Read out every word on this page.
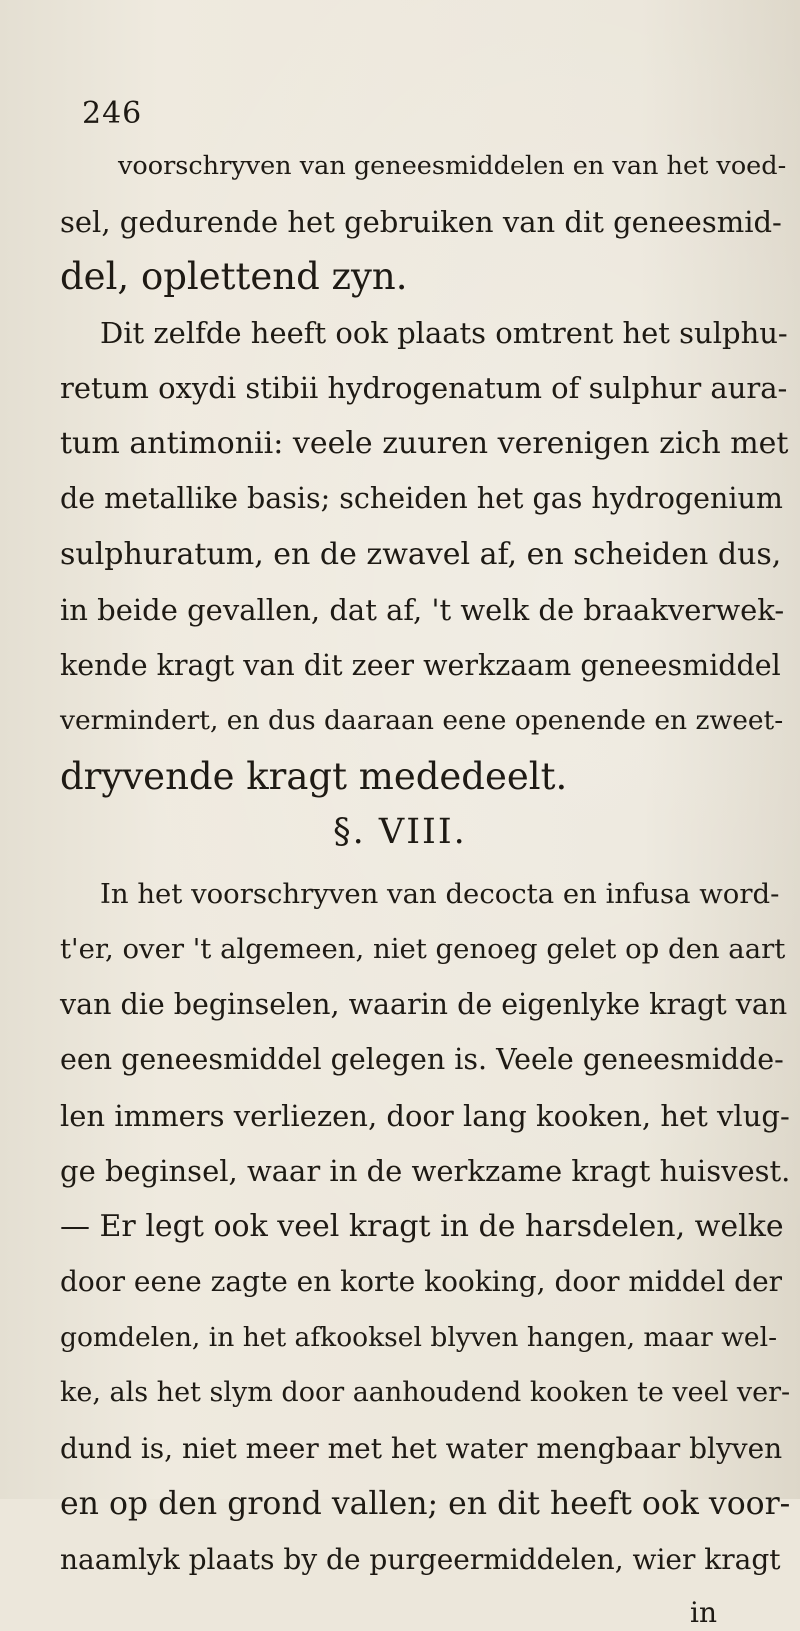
246
voorschryven van geneesmiddelen en van het voed-
sel, gedurende het gebruiken van dit geneesmid-
del, oplettend zyn.
Dit zelfde heeft ook plaats omtrent het sulphu-
retum oxydi stibii hydrogenatum of sulphur aura-
tum antimonii: veele zuuren verenigen zich met
de metallike basis; scheiden het gas hydrogenium
sulphuratum, en de zwavel af, en scheiden dus,
in beide gevallen, dat af, 't welk de braakverwek-
kende kragt van dit zeer werkzaam geneesmiddel
vermindert, en dus daaraan eene openende en zweet-
dryvende kragt mededeelt.
§. VIII.
In het voorschryven van decocta en infusa word-
t'er, over 't algemeen, niet genoeg gelet op den aart
van die beginselen, waarin de eigenlyke kragt van
een geneesmiddel gelegen is. Veele geneesmidde-
len immers verliezen, door lang kooken, het vlug-
ge beginsel, waar in de werkzame kragt huisvest.
— Er legt ook veel kragt in de harsdelen, welke
door eene zagte en korte kooking, door middel der
gomdelen, in het afkooksel blyven hangen, maar wel-
ke, als het slym door aanhoudend kooken te veel ver-
dund is, niet meer met het water mengbaar blyven
en op den grond vallen; en dit heeft ook voor-
naamlyk plaats by de purgeermiddelen, wier kragt
in
